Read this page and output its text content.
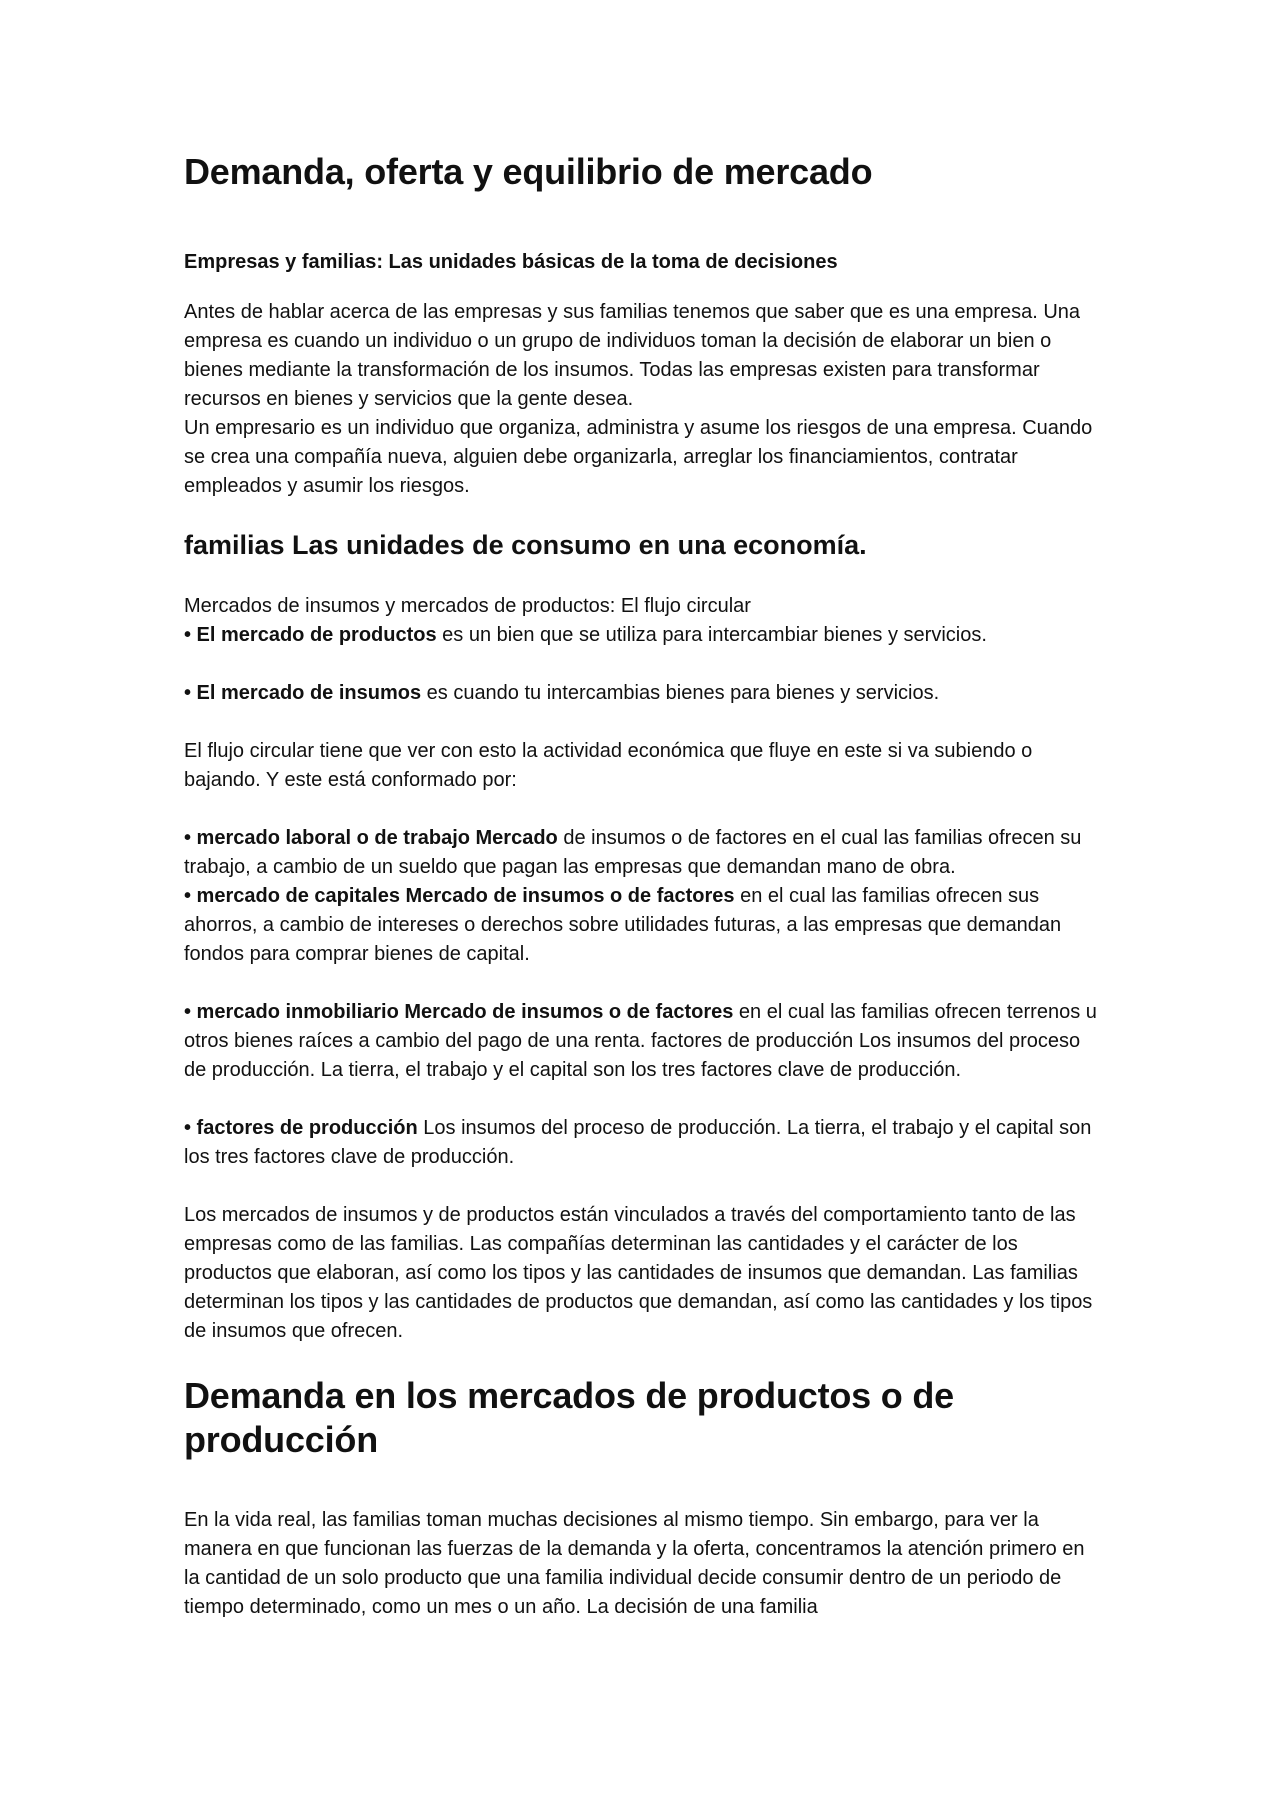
Demanda, oferta y equilibrio de mercado
Empresas y familias: Las unidades básicas de la toma de decisiones

Antes de hablar acerca de las empresas y sus familias tenemos que saber que es una empresa. Una empresa es cuando un individuo o un grupo de individuos toman la decisión de elaborar un bien o bienes mediante la transformación de los insumos. Todas las empresas existen para transformar recursos en bienes y servicios que la gente desea.
Un empresario es un individuo que organiza, administra y asume los riesgos de una empresa. Cuando se crea una compañía nueva, alguien debe organizarla, arreglar los financiamientos, contratar empleados y asumir los riesgos.

familias Las unidades de consumo en una economía.

Mercados de insumos y mercados de productos: El flujo circular
• El mercado de productos es un bien que se utiliza para intercambiar bienes y servicios.

• El mercado de insumos es cuando tu intercambias bienes para bienes y servicios.

El flujo circular tiene que ver con esto la actividad económica que fluye en este si va subiendo o bajando. Y este está conformado por:

• mercado laboral o de trabajo Mercado de insumos o de factores en el cual las familias ofrecen su trabajo, a cambio de un sueldo que pagan las empresas que demandan mano de obra.
• mercado de capitales Mercado de insumos o de factores en el cual las familias ofrecen sus ahorros, a cambio de intereses o derechos sobre utilidades futuras, a las empresas que demandan fondos para comprar bienes de capital.

• mercado inmobiliario Mercado de insumos o de factores en el cual las familias ofrecen terrenos u otros bienes raíces a cambio del pago de una renta. factores de producción Los insumos del proceso de producción. La tierra, el trabajo y el capital son los tres factores clave de producción.

• factores de producción Los insumos del proceso de producción. La tierra, el trabajo y el capital son los tres factores clave de producción.

Los mercados de insumos y de productos están vinculados a través del comportamiento tanto de las empresas como de las familias. Las compañías determinan las cantidades y el carácter de los productos que elaboran, así como los tipos y las cantidades de insumos que demandan. Las familias determinan los tipos y las cantidades de productos que demandan, así como las cantidades y los tipos de insumos que ofrecen.

Demanda en los mercados de productos o de producción

En la vida real, las familias toman muchas decisiones al mismo tiempo. Sin embargo, para ver la manera en que funcionan las fuerzas de la demanda y la oferta, concentramos la atención primero en la cantidad de un solo producto que una familia individual decide consumir dentro de un periodo de tiempo determinado, como un mes o un año. La decisión de una familia
